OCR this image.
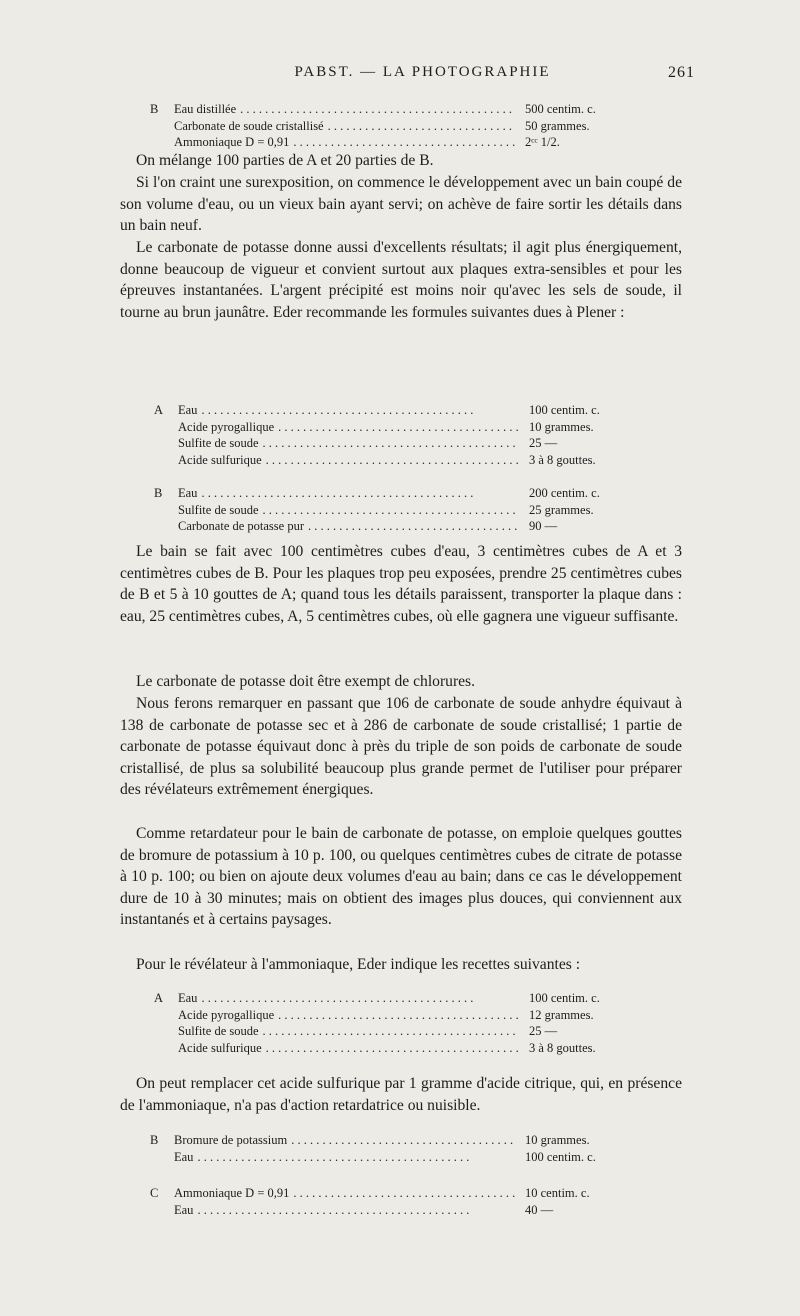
PABST. — LA PHOTOGRAPHIE	261
B	Eau distillée . . .	500 centim. c.
Carbonate de soude cristallisé . . .	50 grammes.
Ammoniaque D = 0,91 . . .	2ᶜᶜ 1/2.

On mélange 100 parties de A et 20 parties de B.

Si l'on craint une surexposition, on commence le développement avec un bain coupé de son volume d'eau, ou un vieux bain ayant servi; on achève de faire sortir les détails dans un bain neuf.

Le carbonate de potasse donne aussi d'excellents résultats; il agit plus énergiquement, donne beaucoup de vigueur et convient surtout aux plaques extra-sensibles et pour les épreuves instantanées. L'argent précipité est moins noir qu'avec les sels de soude, il tourne au brun jaunâtre. Eder recommande les formules suivantes dues à Plener :

A	Eau . . .	100 centim. c.
Acide pyrogallique . . .	10 grammes.
Sulfite de soude . . .	25 —
Acide sulfurique . . .	3 à 8 gouttes.
B	Eau . . .	200 centim. c.
Sulfite de soude . . .	25 grammes.
Carbonate de potasse pur . . .	90 —

Le bain se fait avec 100 centimètres cubes d'eau, 3 centimètres cubes de A et 3 centimètres cubes de B. Pour les plaques trop peu exposées, prendre 25 centimètres cubes de B et 5 à 10 gouttes de A; quand tous les détails paraissent, transporter la plaque dans : eau, 25 centimètres cubes, A, 5 centimètres cubes, où elle gagnera une vigueur suffisante.

Le carbonate de potasse doit être exempt de chlorures.

Nous ferons remarquer en passant que 106 de carbonate de soude anhydre équivaut à 138 de carbonate de potasse sec et à 286 de carbonate de soude cristallisé; 1 partie de carbonate de potasse équivaut donc à près du triple de son poids de carbonate de soude cristallisé, de plus sa solubilité beaucoup plus grande permet de l'utiliser pour préparer des révélateurs extrêmement énergiques.

Comme retardateur pour le bain de carbonate de potasse, on emploie quelques gouttes de bromure de potassium à 10 p. 100, ou quelques centimètres cubes de citrate de potasse à 10 p. 100; ou bien on ajoute deux volumes d'eau au bain; dans ce cas le développement dure de 10 à 30 minutes; mais on obtient des images plus douces, qui conviennent aux instantanés et à certains paysages.

Pour le révélateur à l'ammoniaque, Eder indique les recettes suivantes :

A	Eau . . .	100 centim. c.
Acide pyrogallique . . .	12 grammes.
Sulfite de soude . . .	25 —
Acide sulfurique . . .	3 à 8 gouttes.

On peut remplacer cet acide sulfurique par 1 gramme d'acide citrique, qui, en présence de l'ammoniaque, n'a pas d'action retardatrice ou nuisible.

B	Bromure de potassium . . .	10 grammes.
Eau . . .	100 centim. c.
C	Ammoniaque D = 0,91 . . .	10 centim. c.
Eau . . .	40 —
